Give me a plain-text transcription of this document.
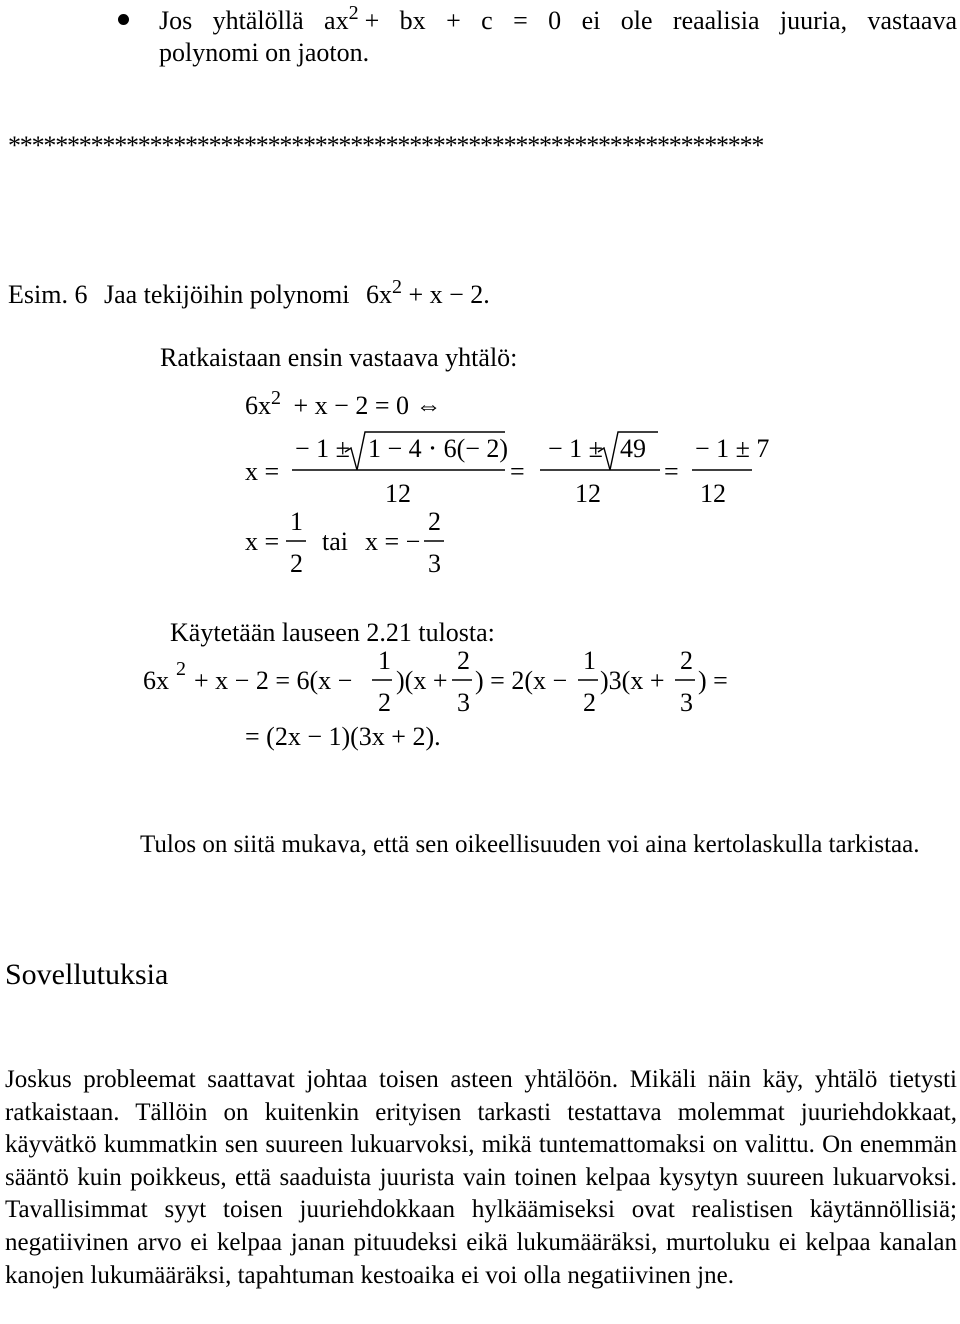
Jos yhtälöllä $ax^2$ + bx + c = 0 ei ole reaalisia juuria, vastaava
polynomi on jaoton.
****************************************************************
Esim. 6 Jaa tekijöihin polynomi $6x^2 + x - 2$.
Ratkaistaan ensin vastaava yhtälö:
$6x^2 + x - 2 = 0$ ⇔
x =
− 1 ± 1 − 4 ⋅ 6(− 2)
12
=
− 1 ± 49
12
=
− 1 ± 7
12
x =
1
2
tai x = −
2
3
Käytetään lauseen 2.21 tulosta:
6x 2 + x − 2 = 6(x −
1
2
)(x +
2
3
) = 2(x −
1
2
)3(x +
2
3
) =
= (2x − 1)(3x + 2).
Tulos on siitä mukava, että sen oikeellisuuden voi aina kertolaskulla tarkistaa.
Sovellutuksia
Joskus probleemat saattavat johtaa toisen asteen yhtälöön. Mikäli näin käy, yhtälö tietysti ratkaistaan. Tällöin on kuitenkin erityisen tarkasti testattava molemmat juuriehdokkaat, käyvätkö kummatkin sen suureen lukuarvoksi, mikä tuntemattomaksi on valittu. On enemmän sääntö kuin poikkeus, että saaduista juurista vain toinen kelpaa kysytyn suureen lukuarvoksi. Tavallisimmat syyt toisen juuriehdokkaan hylkäämiseksi ovat realistisen käytännöllisiä; negatiivinen arvo ei kelpaa janan pituudeksi eikä lukumääräksi, murtoluku ei kelpaa kanalan kanojen lukumääräksi, tapahtuman kestoaika ei voi olla negatiivinen jne.
